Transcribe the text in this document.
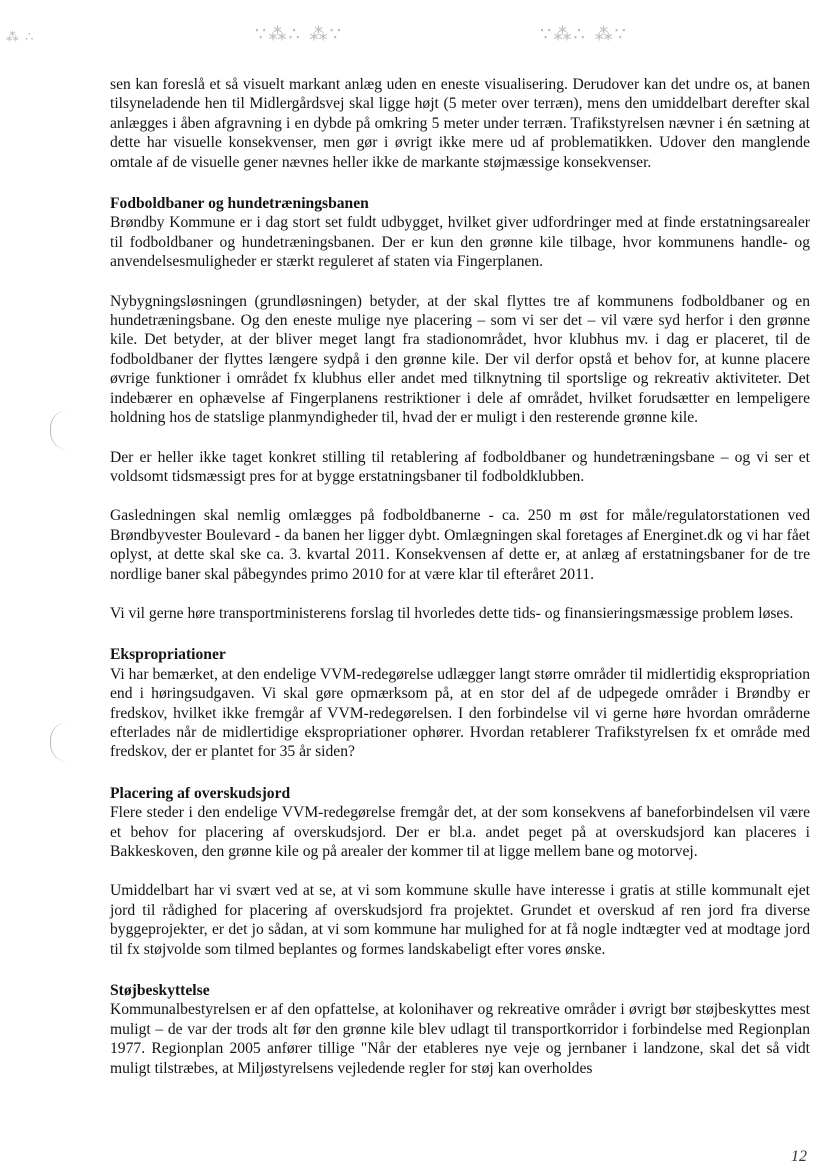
⁂ ∴	∵⁂∴ ⁂∵	∵⁂∴ ⁂∵

sen kan foreslå et så visuelt markant anlæg uden en eneste visualisering. Derudover kan det undre os, at banen tilsyneladende hen til Midlergårdsvej skal ligge højt (5 meter over terræn), mens den umiddelbart derefter skal anlægges i åben afgravning i en dybde på omkring 5 meter under terræn. Trafikstyrelsen nævner i én sætning at dette har visuelle konsekvenser, men gør i øvrigt ikke mere ud af problematikken. Udover den manglende omtale af de visuelle gener nævnes heller ikke de markante støjmæssige konsekvenser.

Fodboldbaner og hundetræningsbanen

Brøndby Kommune er i dag stort set fuldt udbygget, hvilket giver udfordringer med at finde erstatningsarealer til fodboldbaner og hundetræningsbanen. Der er kun den grønne kile tilbage, hvor kommunens handle- og anvendelsesmuligheder er stærkt reguleret af staten via Fingerplanen.

Nybygningsløsningen (grundløsningen) betyder, at der skal flyttes tre af kommunens fodboldbaner og en hundetræningsbane. Og den eneste mulige nye placering – som vi ser det – vil være syd herfor i den grønne kile. Det betyder, at der bliver meget langt fra stadionområdet, hvor klubhus mv. i dag er placeret, til de fodboldbaner der flyttes længere sydpå i den grønne kile. Der vil derfor opstå et behov for, at kunne placere øvrige funktioner i området fx klubhus eller andet med tilknytning til sportslige og rekreativ aktiviteter. Det indebærer en ophævelse af Fingerplanens restriktioner i dele af området, hvilket forudsætter en lempeligere holdning hos de statslige planmyndigheder til, hvad der er muligt i den resterende grønne kile.

Der er heller ikke taget konkret stilling til retablering af fodboldbaner og hundetræningsbane – og vi ser et voldsomt tidsmæssigt pres for at bygge erstatningsbaner til fodboldklubben.

Gasledningen skal nemlig omlægges på fodboldbanerne - ca. 250 m øst for måle/regulatorstationen ved Brøndbyvester Boulevard - da banen her ligger dybt. Omlægningen skal foretages af Energinet.dk og vi har fået oplyst, at dette skal ske ca. 3. kvartal 2011. Konsekvensen af dette er, at anlæg af erstatningsbaner for de tre nordlige baner skal påbegyndes primo 2010 for at være klar til efteråret 2011.

Vi vil gerne høre transportministerens forslag til hvorledes dette tids- og finansieringsmæssige problem løses.

Ekspropriationer

Vi har bemærket, at den endelige VVM-redegørelse udlægger langt større områder til midlertidig ekspropriation end i høringsudgaven. Vi skal gøre opmærksom på, at en stor del af de udpegede områder i Brøndby er fredskov, hvilket ikke fremgår af VVM-redegørelsen. I den forbindelse vil vi gerne høre hvordan områderne efterlades når de midlertidige ekspropriationer ophører. Hvordan retablerer Trafikstyrelsen fx et område med fredskov, der er plantet for 35 år siden?

Placering af overskudsjord

Flere steder i den endelige VVM-redegørelse fremgår det, at der som konsekvens af baneforbindelsen vil være et behov for placering af overskudsjord. Der er bl.a. andet peget på at overskudsjord kan placeres i Bakkeskoven, den grønne kile og på arealer der kommer til at ligge mellem bane og motorvej.

Umiddelbart har vi svært ved at se, at vi som kommune skulle have interesse i gratis at stille kommunalt ejet jord til rådighed for placering af overskudsjord fra projektet. Grundet et overskud af ren jord fra diverse byggeprojekter, er det jo sådan, at vi som kommune har mulighed for at få nogle indtægter ved at modtage jord til fx støjvolde som tilmed beplantes og formes landskabeligt efter vores ønske.

Støjbeskyttelse

Kommunalbestyrelsen er af den opfattelse, at kolonihaver og rekreative områder i øvrigt bør støjbeskyttes mest muligt – de var der trods alt før den grønne kile blev udlagt til transportkorridor i forbindelse med Regionplan 1977. Regionplan 2005 anfører tillige "Når der etableres nye veje og jernbaner i landzone, skal det så vidt muligt tilstræbes, at Miljøstyrelsens vejledende regler for støj kan overholdes

12
